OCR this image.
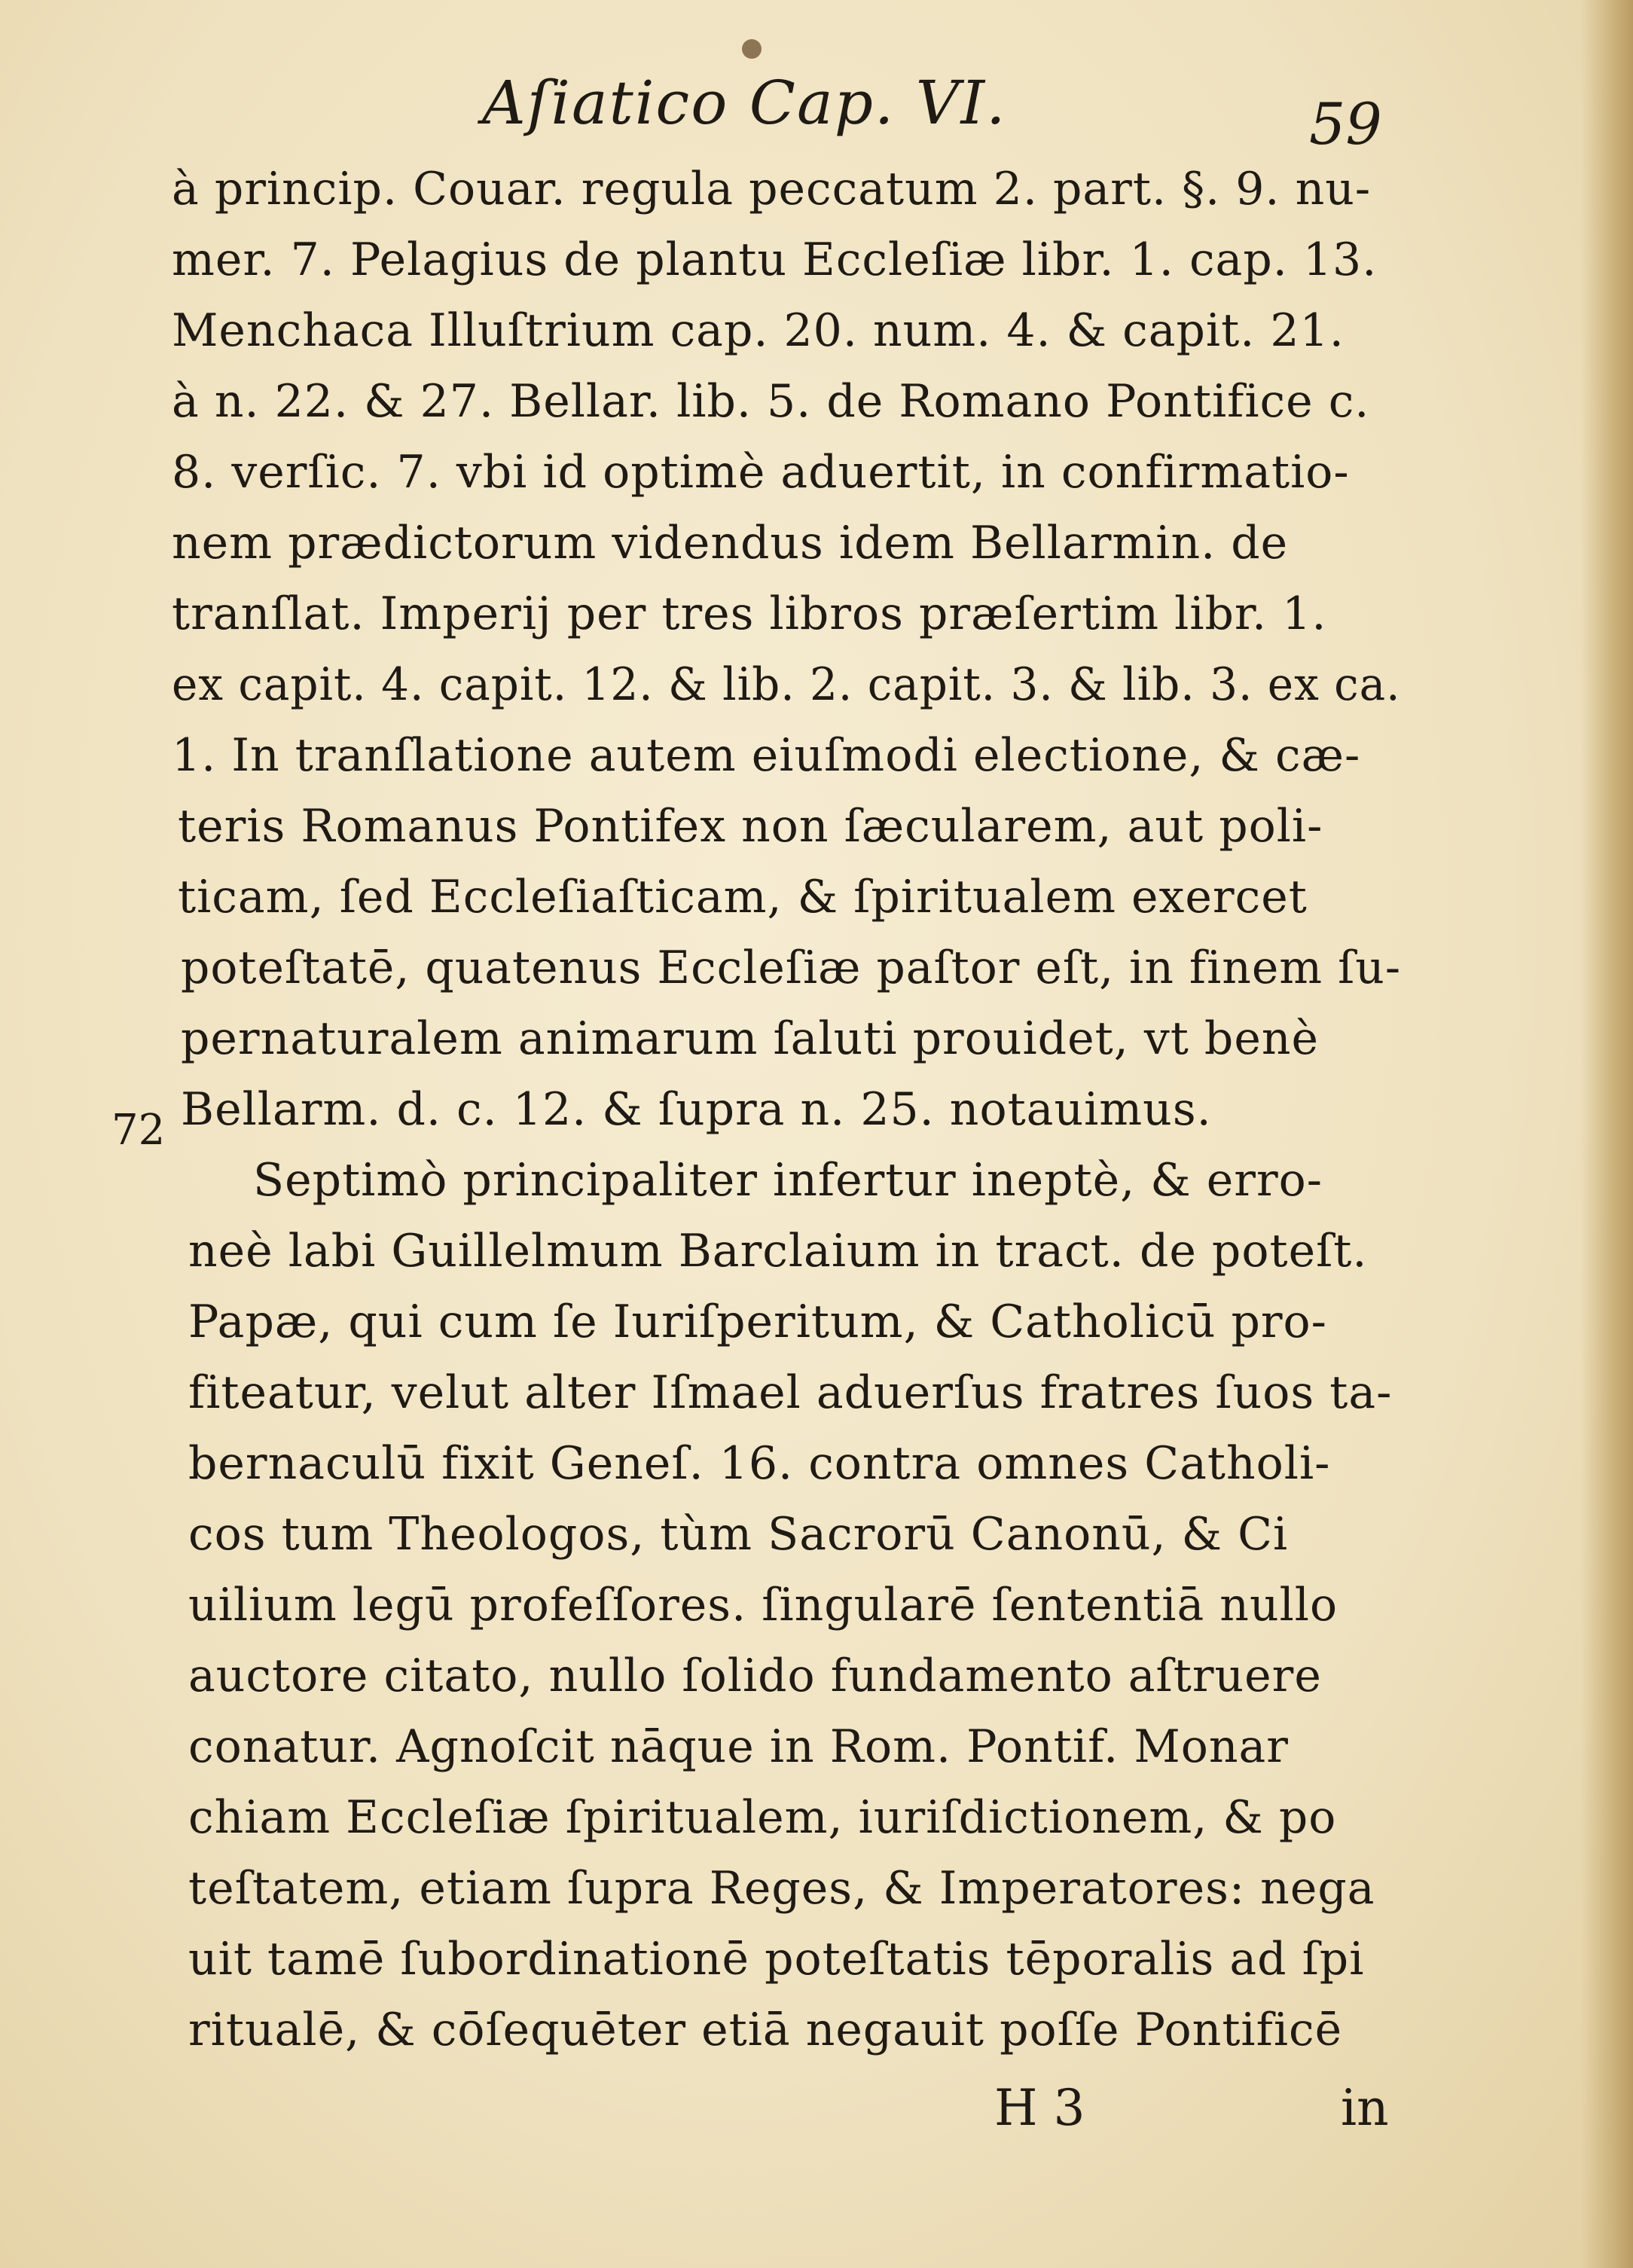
Aſiatico Cap. VI.	59
à princip. Couar. regula peccatum 2. part. §. 9. nu-
mer. 7. Pelagius de plantu Eccleſiæ libr. 1. cap. 13.
Menchaca Illuſtrium cap. 20. num. 4. & capit. 21.
à n. 22. & 27. Bellar. lib. 5. de Romano Pontifice c.
8. verſic. 7. vbi id optimè aduertit, in confirmatio-
nem prædictorum videndus idem Bellarmin. de
tranſlat. Imperij per tres libros præſertim libr. 1.
ex capit. 4. capit. 12. & lib. 2. capit. 3. & lib. 3. ex ca.
1. In tranſlatione autem eiuſmodi electione, & cæ-
teris Romanus Pontifex non ſæcularem, aut poli-
ticam, ſed Eccleſiaſticam, & ſpiritualem exercet
poteſtatē, quatenus Eccleſiæ paſtor eſt, in finem ſu-
pernaturalem animarum ſaluti prouidet, vt benè
Bellarm. d. c. 12. & ſupra n. 25. notauimus.
72
Septimò principaliter infertur ineptè, & erro-
neè labi Guillelmum Barclaium in tract. de poteſt.
Papæ, qui cum ſe Iuriſperitum, & Catholicū pro-
fiteatur, velut alter Iſmael aduerſus fratres ſuos ta-
bernaculū fixit Geneſ. 16. contra omnes Catholi-
cos tum Theologos, tùm Sacrorū Canonū, & Ci
uilium legū profeſſores. ſingularē ſententiā nullo
auctore citato, nullo ſolido fundamento aſtruere
conatur. Agnoſcit nāque in Rom. Pontif. Monar
chiam Eccleſiæ ſpiritualem, iuriſdictionem, & po
teſtatem, etiam ſupra Reges, & Imperatores: nega
uit tamē ſubordinationē poteſtatis tēporalis ad ſpi
ritualē, & cōſequēter etiā negauit poſſe Pontificē
H 3	in
